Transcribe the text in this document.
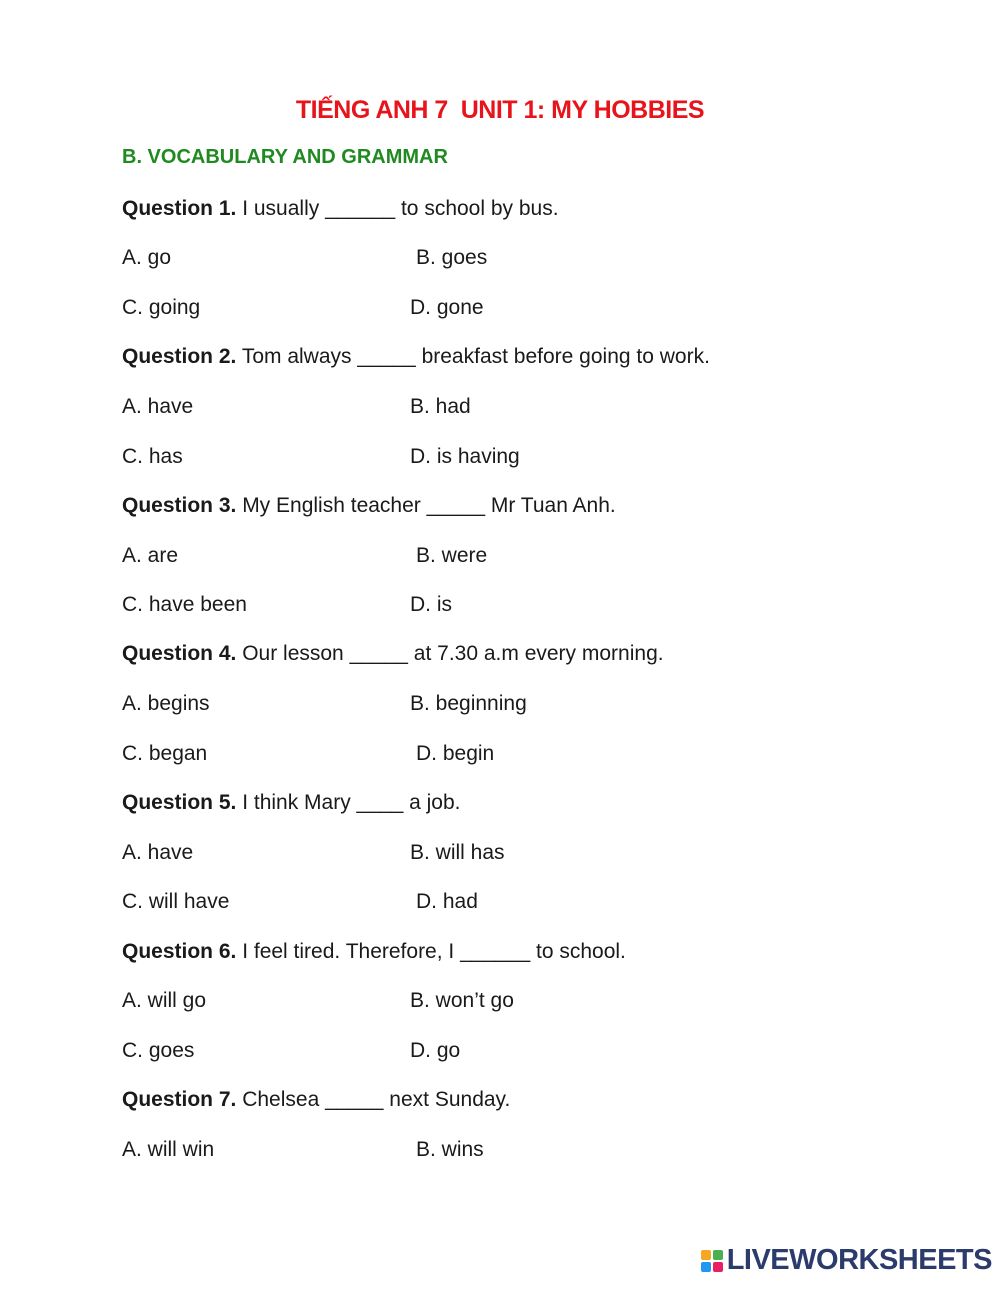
TIẾNG ANH 7  UNIT 1: MY HOBBIES
B. VOCABULARY AND GRAMMAR
Question 1. I usually ______ to school by bus.
A. go	B. goes
C. going	D. gone
Question 2. Tom always _____ breakfast before going to work.
A. have	B. had
C. has	D. is having
Question 3. My English teacher _____ Mr Tuan Anh.
A. are	B. were
C. have been	D. is
Question 4. Our lesson _____ at 7.30 a.m every morning.
A. begins	B. beginning
C. began	D. begin
Question 5. I think Mary ____ a job.
A. have	B. will has
C. will have	D. had
Question 6. I feel tired. Therefore, I ______ to school.
A. will go	B. won’t go
C. goes	D. go
Question 7. Chelsea _____ next Sunday.
A. will win	B. wins
LIVEWORKSHEETS
